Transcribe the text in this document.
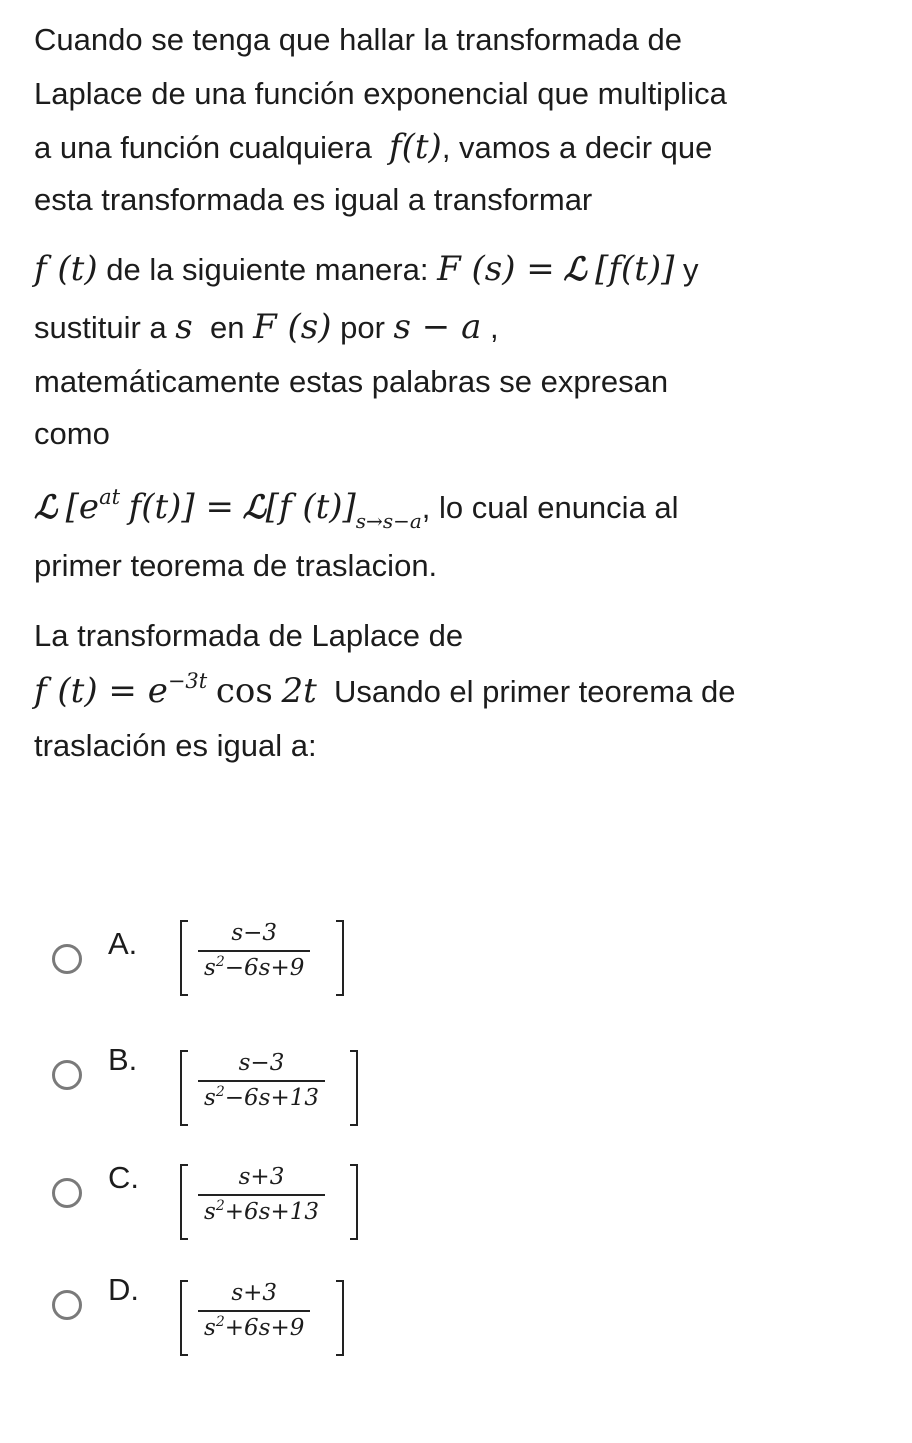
Cuando se tenga que hallar la transformada de
Laplace de una función exponencial que multiplica
a una función cualquiera f(t), vamos a decir que
esta transformada es igual a transformar
f (t) de la siguiente manera: F (s) = ℒ [f(t)] y
sustituir a s en F (s) por s − a ,
matemáticamente estas palabras se expresan
como
ℒ [$e^{at}$ f(t)] = ℒ[f $(t)]_{s\to s-a}$, lo cual enuncia al
primer teorema de traslacion.
La transformada de Laplace de
f $(t) = e^{-3t}$ cos 2t Usando el primer teorema de
traslación es igual a:
A.	$\frac{s-3}{s^2-6s+9}$
B.	$\frac{s-3}{s^2-6s+13}$
C.	$\frac{s+3}{s^2+6s+13}$
D.	$\frac{s+3}{s^2+6s+9}$
